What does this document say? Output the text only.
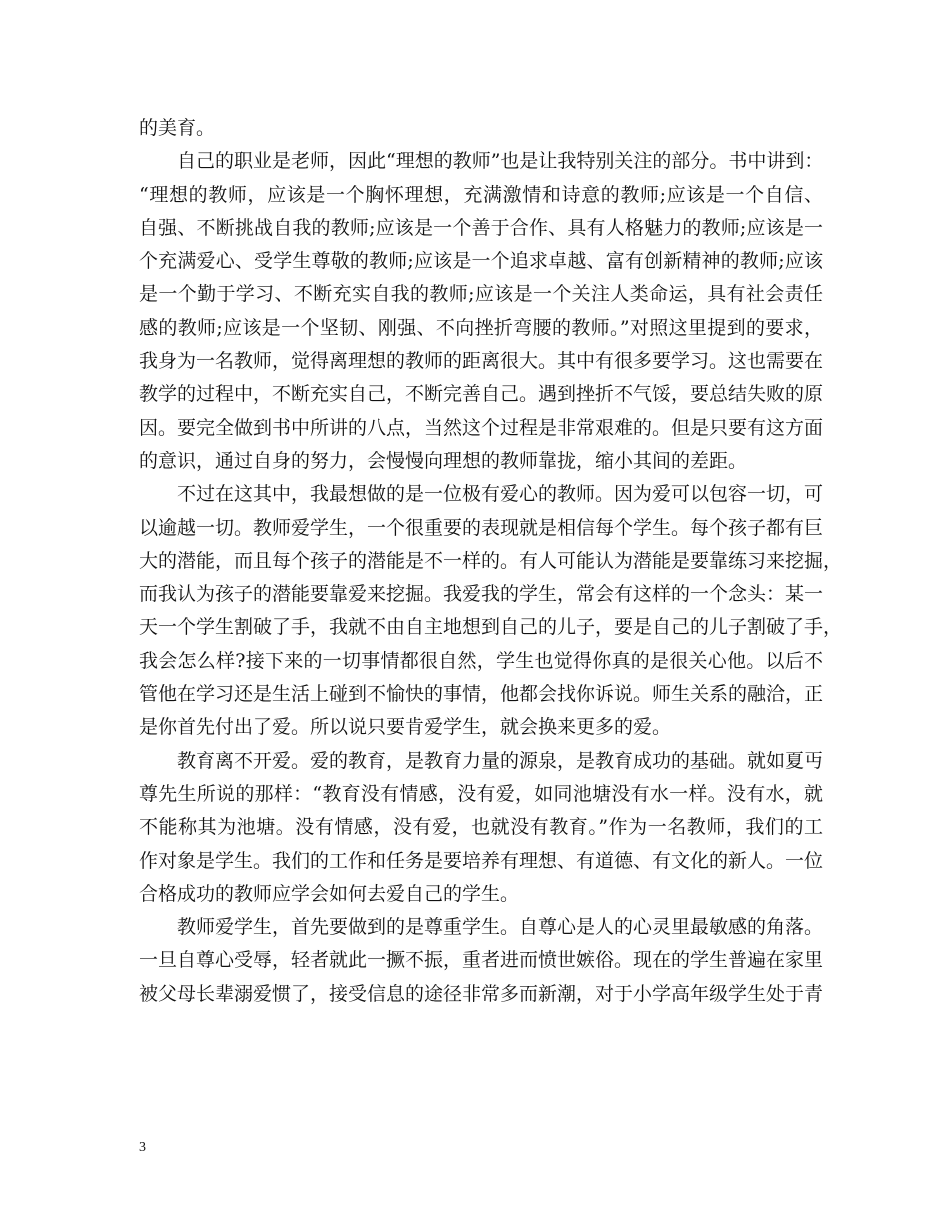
的美育。
自己的职业是老师，因此“理想的教师”也是让我特别关注的部分。书中讲到：
“理想的教师，应该是一个胸怀理想，充满激情和诗意的教师;应该是一个自信、
自强、不断挑战自我的教师;应该是一个善于合作、具有人格魅力的教师;应该是一
个充满爱心、受学生尊敬的教师;应该是一个追求卓越、富有创新精神的教师;应该
是一个勤于学习、不断充实自我的教师;应该是一个关注人类命运，具有社会责任
感的教师;应该是一个坚韧、刚强、不向挫折弯腰的教师。”对照这里提到的要求，
我身为一名教师，觉得离理想的教师的距离很大。其中有很多要学习。这也需要在
教学的过程中，不断充实自己，不断完善自己。遇到挫折不气馁，要总结失败的原
因。要完全做到书中所讲的八点，当然这个过程是非常艰难的。但是只要有这方面
的意识，通过自身的努力，会慢慢向理想的教师靠拢，缩小其间的差距。
不过在这其中，我最想做的是一位极有爱心的教师。因为爱可以包容一切，可
以逾越一切。教师爱学生，一个很重要的表现就是相信每个学生。每个孩子都有巨
大的潜能，而且每个孩子的潜能是不一样的。有人可能认为潜能是要靠练习来挖掘，
而我认为孩子的潜能要靠爱来挖掘。我爱我的学生，常会有这样的一个念头：某一
天一个学生割破了手，我就不由自主地想到自己的儿子，要是自己的儿子割破了手，
我会怎么样?接下来的一切事情都很自然，学生也觉得你真的是很关心他。以后不
管他在学习还是生活上碰到不愉快的事情，他都会找你诉说。师生关系的融洽，正
是你首先付出了爱。所以说只要肯爱学生，就会换来更多的爱。
教育离不开爱。爱的教育，是教育力量的源泉，是教育成功的基础。就如夏丏
尊先生所说的那样：“教育没有情感，没有爱，如同池塘没有水一样。没有水，就
不能称其为池塘。没有情感，没有爱，也就没有教育。”作为一名教师，我们的工
作对象是学生。我们的工作和任务是要培养有理想、有道德、有文化的新人。一位
合格成功的教师应学会如何去爱自己的学生。
教师爱学生，首先要做到的是尊重学生。自尊心是人的心灵里最敏感的角落。
一旦自尊心受辱，轻者就此一撅不振，重者进而愤世嫉俗。现在的学生普遍在家里
被父母长辈溺爱惯了，接受信息的途径非常多而新潮，对于小学高年级学生处于青
3
